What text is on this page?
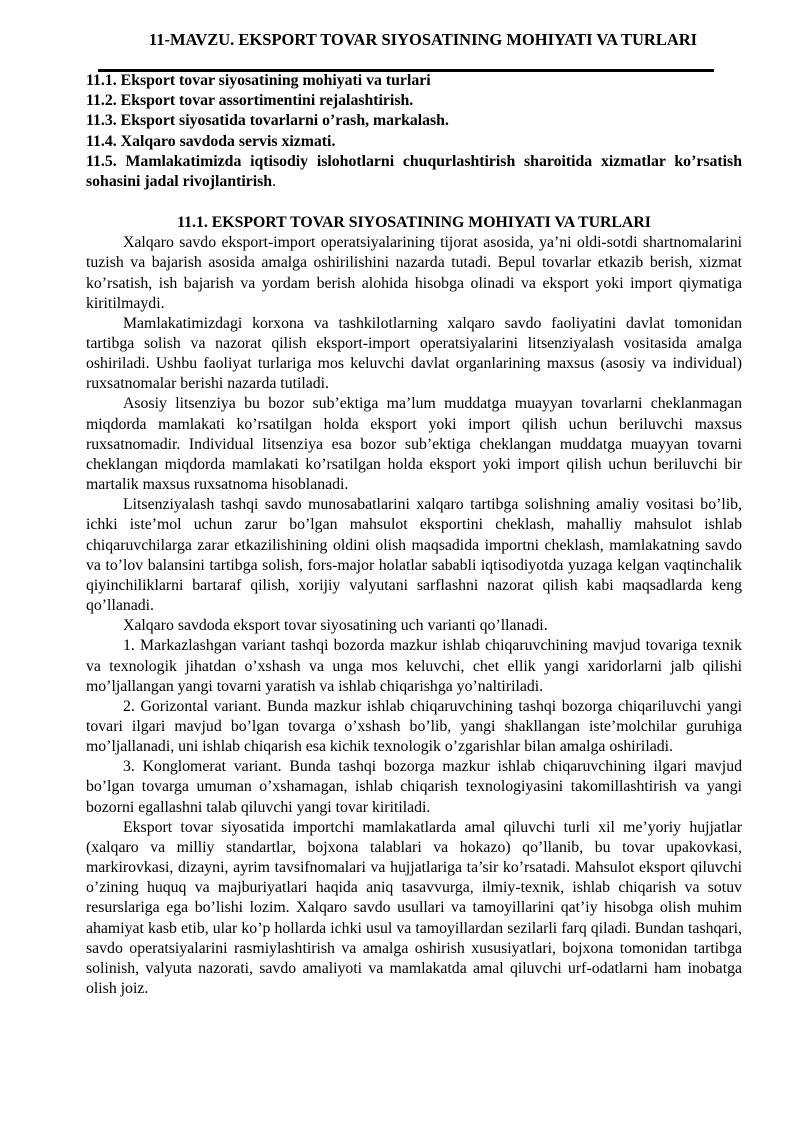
11-MAVZU. EKSPORT TOVAR SIYOSATINING MOHIYATI VA TURLARI
11.1. Eksport tovar siyosatining mohiyati va turlari
11.2. Eksport tovar assortimentini rejalashtirish.
11.3. Eksport siyosatida tovarlarni o’rash, markalash.
11.4. Xalqaro savdoda servis xizmati.
11.5. Mamlakatimizda iqtisodiy islohotlarni chuqurlashtirish sharoitida xizmatlar ko’rsatish sohasini jadal rivojlantirish.
11.1. EKSPORT TOVAR SIYOSATINING MOHIYATI VA TURLARI

Xalqaro savdo eksport-import operatsiyalarining tijorat asosida, ya’ni oldi-sotdi shartnomalarini tuzish va bajarish asosida amalga oshirilishini nazarda tutadi. Bepul tovarlar etkazib berish, xizmat ko’rsatish, ish bajarish va yordam berish alohida hisobga olinadi va eksport yoki import qiymatiga kiritilmaydi.

Mamlakatimizdagi korxona va tashkilotlarning xalqaro savdo faoliyatini davlat tomonidan tartibga solish va nazorat qilish eksport-import operatsiyalarini litsenziyalash vositasida amalga oshiriladi. Ushbu faoliyat turlariga mos keluvchi davlat organlarining maxsus (asosiy va individual) ruxsatnomalar berishi nazarda tutiladi.

Asosiy litsenziya bu bozor sub’ektiga ma’lum muddatga muayyan tovarlarni cheklanmagan miqdorda mamlakati ko’rsatilgan holda eksport yoki import qilish uchun beriluvchi maxsus ruxsatnomadir. Individual litsenziya esa bozor sub’ektiga cheklangan muddatga muayyan tovarni cheklangan miqdorda mamlakati ko’rsatilgan holda eksport yoki import qilish uchun beriluvchi bir martalik maxsus ruxsatnoma hisoblanadi.

Litsenziyalash tashqi savdo munosabatlarini xalqaro tartibga solishning amaliy vositasi bo’lib, ichki iste’mol uchun zarur bo’lgan mahsulot eksportini cheklash, mahalliy mahsulot ishlab chiqaruvchilarga zarar etkazilishining oldini olish maqsadida importni cheklash, mamlakatning savdo va to’lov balansini tartibga solish, fors-major holatlar sababli iqtisodiyotda yuzaga kelgan vaqtinchalik qiyinchiliklarni bartaraf qilish, xorijiy valyutani sarflashni nazorat qilish kabi maqsadlarda keng qo’llanadi.

Xalqaro savdoda eksport tovar siyosatining uch varianti qo’llanadi.

1. Markazlashgan variant tashqi bozorda mazkur ishlab chiqaruvchining mavjud tovariga texnik va texnologik jihatdan o’xshash va unga mos keluvchi, chet ellik yangi xaridorlarni jalb qilishi mo’ljallangan yangi tovarni yaratish va ishlab chiqarishga yo’naltiriladi.

2. Gorizontal variant. Bunda mazkur ishlab chiqaruvchining tashqi bozorga chiqariluvchi yangi tovari ilgari mavjud bo’lgan tovarga o’xshash bo’lib, yangi shakllangan iste’molchilar guruhiga mo’ljallanadi, uni ishlab chiqarish esa kichik texnologik o’zgarishlar bilan amalga oshiriladi.

3. Konglomerat variant. Bunda tashqi bozorga mazkur ishlab chiqaruvchining ilgari mavjud bo’lgan tovarga umuman o’xshamagan, ishlab chiqarish texnologiyasini takomillashtirish va yangi bozorni egallashni talab qiluvchi yangi tovar kiritiladi.

Eksport tovar siyosatida importchi mamlakatlarda amal qiluvchi turli xil me’yoriy hujjatlar (xalqaro va milliy standartlar, bojxona talablari va hokazo) qo’llanib, bu tovar upakovkasi, markirovkasi, dizayni, ayrim tavsifnomalari va hujjatlariga ta’sir ko’rsatadi. Mahsulot eksport qiluvchi o’zining huquq va majburiyatlari haqida aniq tasavvurga, ilmiy-texnik, ishlab chiqarish va sotuv resurslariga ega bo’lishi lozim. Xalqaro savdo usullari va tamoyillarini qat’iy hisobga olish muhim ahamiyat kasb etib, ular ko’p hollarda ichki usul va tamoyillardan sezilarli farq qiladi. Bundan tashqari, savdo operatsiyalarini rasmiylashtirish va amalga oshirish xususiyatlari, bojxona tomonidan tartibga solinish, valyuta nazorati, savdo amaliyoti va mamlakatda amal qiluvchi urf-odatlarni ham inobatga olish joiz.
